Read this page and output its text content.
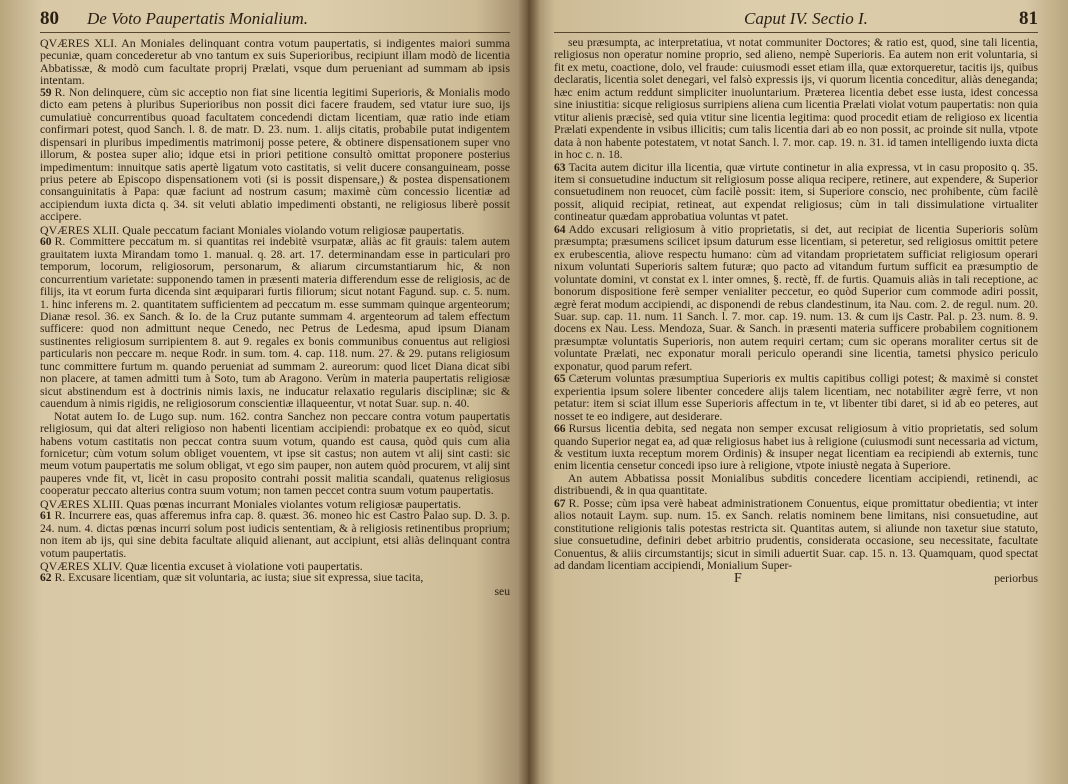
80 De Voto Paupertatis Monialium.

QVÆRES XLI. An Moniales delinquant contra votum paupertatis, si indigentes maiori summa pecuniæ, quam concederetur ab vno tantum ex suis Superioribus, recipiunt illam modò de licentia Abbatissæ, & modò cum facultate proprij Prælati, vsque dum perueniant ad summam ab ipsis intentam.

59 R. Non delinquere, cùm sic acceptio non fiat sine licentia legitimi Superioris, & Monialis modo dicto eam petens à pluribus Superioribus non possit dici facere fraudem, sed vtatur iure suo, ijs cumulatiuè concurrentibus quoad facultatem concedendi dictam licentiam, quæ ratio inde etiam confirmari potest, quod Sanch. l. 8. de matr. D. 23. num. 1. alijs citatis, probabile putat indigentem dispensari in pluribus impedimentis matrimonij posse petere, & obtinere dispensationem super vno illorum, & postea super alio; idque etsi in priori petitione consultò omittat proponere posterius impedimentum: innuitque satis apertè ligatum voto castitatis, si velit ducere consanguineam, posse prius petere ab Episcopo dispensationem voti (si is possit dispensare,) & postea dispensationem consanguinitatis à Papa: quæ faciunt ad nostrum casum; maximè cùm concessio licentiæ ad accipiendum iuxta dicta q. 34. sit veluti ablatio impedimenti obstanti, ne religiosus liberè possit accipere.

QVÆRES XLII. Quale peccatum faciant Moniales violando votum religiosæ paupertatis.

60 R. Committere peccatum m. si quantitas rei indebitè vsurpatæ, aliàs ac fit grauis: talem autem grauitatem iuxta Mirandam tomo 1. manual. q. 28. art. 17. determinandam esse in particulari pro temporum, locorum, religiosorum, personarum, & aliarum circumstantiarum hic, & non concurrentium varietate: supponendo tamen in præsenti materia differendum esse de religiosis, ac de filijs, ita vt eorum furta dicenda sint æquiparari furtis filiorum; sicut notant Fagund. sup. c. 5. num. 1. hinc inferens m. 2. quantitatem sufficientem ad peccatum m. esse summam quinque argenteorum; Dianæ resol. 36. ex Sanch. & Io. de la Cruz putante summam 4. argenteorum ad talem effectum sufficere: quod non admittunt neque Cenedo, nec Petrus de Ledesma, apud ipsum Dianam sustinentes religiosum surripientem 8. aut 9. regales ex bonis communibus conuentus aut religiosi particularis non peccare m. neque Rodr. in sum. tom. 4. cap. 118. num. 27. & 29. putans religiosum tunc committere furtum m. quando perueniat ad summam 2. aureorum: quod licet Diana dicat sibi non placere, at tamen admitti tum à Soto, tum ab Aragono. Verùm in materia paupertatis religiosæ sicut abstinendum est à doctrinis nimis laxis, ne inducatur relaxatio regularis disciplinæ; sic & cauendum à nimis rigidis, ne religiosorum conscientiæ illaqueentur, vt notat Suar. sup. n. 40.

Notat autem Io. de Lugo sup. num. 162. contra Sanchez non peccare contra votum paupertatis religiosum, qui dat alteri religioso non habenti licentiam accipiendi: probatque ex eo quòd, sicut habens votum castitatis non peccat contra suum votum, quando est causa, quòd quis cum alia fornicetur; cùm votum solum obliget vouentem, vt ipse sit castus; non autem vt alij sint casti: sic meum votum paupertatis me solum obligat, vt ego sim pauper, non autem quòd procurem, vt alij sint pauperes vnde fit, vt, licèt in casu proposito contrahi possit malitia scandali, quatenus religiosus cooperatur peccato alterius contra suum votum; non tamen peccet contra suum votum paupertatis.

QVÆRES XLIII. Quas pœnas incurrant Moniales violantes votum religiosæ paupertatis.

61 R. Incurrere eas, quas afferemus infra cap. 8. quæst. 36. moneo hic est Castro Palao sup. D. 3. p. 24. num. 4. dictas pœnas incurri solum post iudicis sententiam, & à religiosis retinentibus proprium; non item ab ijs, qui sine debita facultate aliquid alienant, aut accipiunt, etsi aliàs delinquant contra votum paupertatis.

QVÆRES XLIV. Quæ licentia excuset à violatione voti paupertatis.

62 R. Excusare licentiam, quæ sit voluntaria, ac iusta; siue sit expressa, siue tacita,

seu
Caput IV. Sectio I.	81

seu præsumpta, ac interpretatiua, vt notat communiter Doctores; & ratio est, quod, sine tali licentia, religiosus non operatur nomine proprio, sed alieno, nempè Superioris. Ea autem non erit voluntaria, si fit ex metu, coactione, dolo, vel fraude: cuiusmodi esset etiam illa, quæ extorqueretur, tacitis ijs, quibus declaratis, licentia solet denegari, vel falsò expressis ijs, vi quorum licentia conceditur, aliàs deneganda; hæc enim actum reddunt simpliciter inuoluntarium. Præterea licentia debet esse iusta, idest concessa sine iniustitia: sicque religiosus surripiens aliena cum licentia Prælati violat votum paupertatis: non quia vtitur alienis præcisè, sed quia vtitur sine licentia legitima: quod procedit etiam de religioso ex licentia Prælati expendente in vsibus illicitis; cum talis licentia dari ab eo non possit, ac proinde sit nulla, vtpote data à non habente potestatem, vt notat Sanch. l. 7. mor. cap. 19. n. 31. id tamen intelligendo iuxta dicta in hoc c. n. 18.

63 Tacita autem dicitur illa licentia, quæ virtute continetur in alia expressa, vt in casu proposito q. 35. item si consuetudine inductum sit religiosum posse aliqua recipere, retinere, aut expendere, & Superior consuetudinem non reuocet, cùm facilè possit: item, si Superiore conscio, nec prohibente, cùm facilè possit, aliquid recipiat, retineat, aut expendat religiosus; cùm in tali dissimulatione virtualiter contineatur quædam approbatiua voluntas vt patet.

64 Addo excusari religiosum à vitio proprietatis, si det, aut recipiat de licentia Superioris solùm præsumpta; præsumens scilicet ipsum daturum esse licentiam, si peteretur, sed religiosus omittit petere ex erubescentia, aliove respectu humano: cùm ad vitandam proprietatem sufficiat religiosum operari nixum voluntati Superioris saltem futuræ; quo pacto ad vitandum furtum sufficit ea præsumptio de voluntate domini, vt constat ex l. inter omnes, §. rectè, ff. de furtis. Quamuis aliàs in tali receptione, ac bonorum dispositione ferè semper venialiter peccetur, eo quòd Superior cum commode adiri possit, ægrè ferat modum accipiendi, ac disponendi de rebus clandestinum, ita Nau. com. 2. de regul. num. 20. Suar. sup. cap. 11. num. 11 Sanch. l. 7. mor. cap. 19. num. 13. & cum ijs Castr. Pal. p. 23. num. 8. 9. docens ex Nau. Less. Mendoza, Suar. & Sanch. in præsenti materia sufficere probabilem cognitionem præsumptæ voluntatis Superioris, non autem requiri certam; cum sic operans moraliter certus sit de voluntate Prælati, nec exponatur morali periculo operandi sine licentia, tametsi physico periculo exponatur, quod parum refert.

65 Cæterum voluntas præsumptiua Superioris ex multis capitibus colligi potest; & maximè si constet experientia ipsum solere libenter concedere alijs talem licentiam, nec notabiliter ægrè ferre, vt non petatur: item si sciat illum esse Superioris affectum in te, vt libenter tibi daret, si id ab eo peteres, aut nosset te eo indigere, aut desiderare.

66 Rursus licentia debita, sed negata non semper excusat religiosum à vitio proprietatis, sed solum quando Superior negat ea, ad quæ religiosus habet ius à religione (cuiusmodi sunt necessaria ad victum, & vestitum iuxta receptum morem Ordinis) & insuper negat licentiam ea recipiendi ab externis, tunc enim licentia censetur concedi ipso iure à religione, vtpote iniustè negata à Superiore.

An autem Abbatissa possit Monialibus subditis concedere licentiam accipiendi, retinendi, ac distribuendi, & in qua quantitate.

67 R. Posse; cùm ipsa verè habeat administrationem Conuentus, eique promittatur obedientia; vt inter alios notauit Laym. sup. num. 15. ex Sanch. relatis nominem bene limitans, nisi consuetudine, aut constitutione religionis talis potestas restricta sit. Quantitas autem, si aliunde non taxetur siue statuto, siue consuetudine, definiri debet arbitrio prudentis, considerata occasione, seu necessitate, facultate Conuentus, & aliis circumstantijs; sicut in simili aduertit Suar. cap. 15. n. 13. Quamquam, quod spectat ad dandam licentiam accipiendi, Monialium Super-

F	periorbus
